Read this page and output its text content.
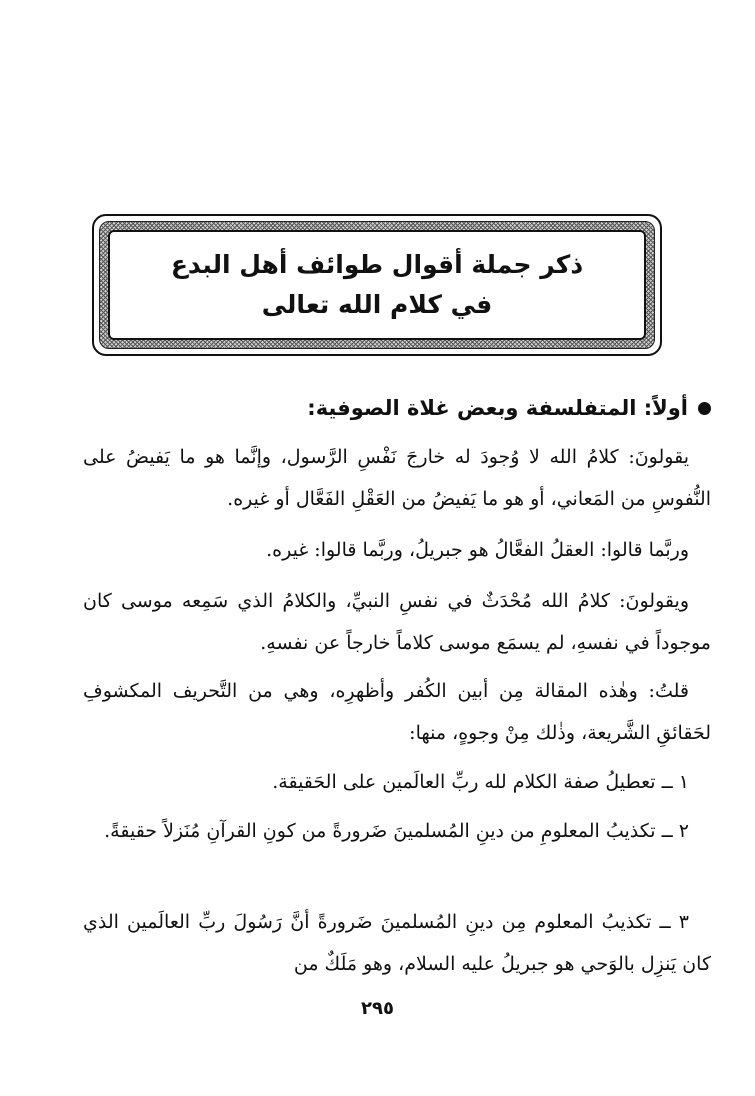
ذكر جملة أقوال طوائف أهل البدع
في كلام الله تعالى
أولاً: المتفلسفة وبعض غلاة الصوفية:
يقولونَ: كلامُ الله لا وُجودَ له خارجَ نَفْسِ الرَّسول، وإنَّما هو ما يَفيضُ على النُّفوسِ من المَعاني، أو هو ما يَفيضُ من العَقْلِ الفَعَّال أو غيره.
وربَّما قالوا: العقلُ الفعَّالُ هو جبريلُ، وربَّما قالوا: غيره.
ويقولونَ: كلامُ الله مُحْدَثٌ في نفسِ النبيِّ، والكلامُ الذي سَمِعه موسى كان موجوداً في نفسهِ، لم يسمَع موسى كلاماً خارجاً عن نفسهِ.
قلتُ: وهٰذه المقالة مِن أبين الكُفر وأظهرِه، وهي من التَّحريف المكشوفِ لحَقائقِ الشَّريعة، وذٰلك مِنْ وجوهٍ، منها:
١ ــ تعطيلُ صفة الكلام لله ربِّ العالَمين على الحَقيقة.
٢ ــ تكذيبُ المعلومِ من دينِ المُسلمينَ ضَرورةً من كونِ القرآنِ مُنَزلاً حقيقةً.
٣ ــ تكذيبُ المعلوم مِن دينِ المُسلمينَ ضَرورةً أنَّ رَسُولَ ربِّ العالَمين الذي كان يَنزِل بالوَحي هو جبريلُ عليه السلام، وهو مَلَكٌ من
٢٩٥
